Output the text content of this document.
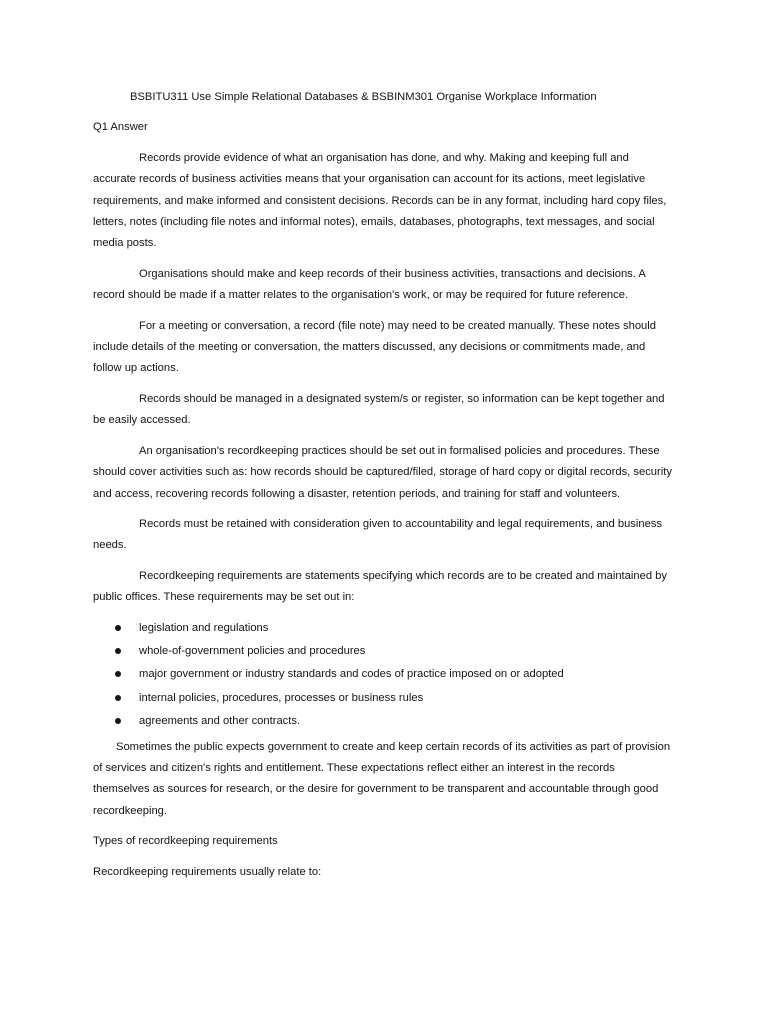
BSBITU311 Use Simple Relational Databases & BSBINM301 Organise Workplace Information

Q1 Answer

Records provide evidence of what an organisation has done, and why. Making and keeping full and accurate records of business activities means that your organisation can account for its actions, meet legislative requirements, and make informed and consistent decisions. Records can be in any format, including hard copy files, letters, notes (including file notes and informal notes), emails, databases, photographs, text messages, and social media posts.

Organisations should make and keep records of their business activities, transactions and decisions. A record should be made if a matter relates to the organisation's work, or may be required for future reference.

For a meeting or conversation, a record (file note) may need to be created manually. These notes should include details of the meeting or conversation, the matters discussed, any decisions or commitments made, and follow up actions.

Records should be managed in a designated system/s or register, so information can be kept together and be easily accessed.

An organisation's recordkeeping practices should be set out in formalised policies and procedures. These should cover activities such as: how records should be captured/filed, storage of hard copy or digital records, security and access, recovering records following a disaster, retention periods, and training for staff and volunteers.

Records must be retained with consideration given to accountability and legal requirements, and business needs.

Recordkeeping requirements are statements specifying which records are to be created and maintained by public offices. These requirements may be set out in:

legislation and regulations
whole-of-government policies and procedures
major government or industry standards and codes of practice imposed on or adopted
internal policies, procedures, processes or business rules
agreements and other contracts.

Sometimes the public expects government to create and keep certain records of its activities as part of provision of services and citizen's rights and entitlement. These expectations reflect either an interest in the records themselves as sources for research, or the desire for government to be transparent and accountable through good recordkeeping.

Types of recordkeeping requirements

Recordkeeping requirements usually relate to:
